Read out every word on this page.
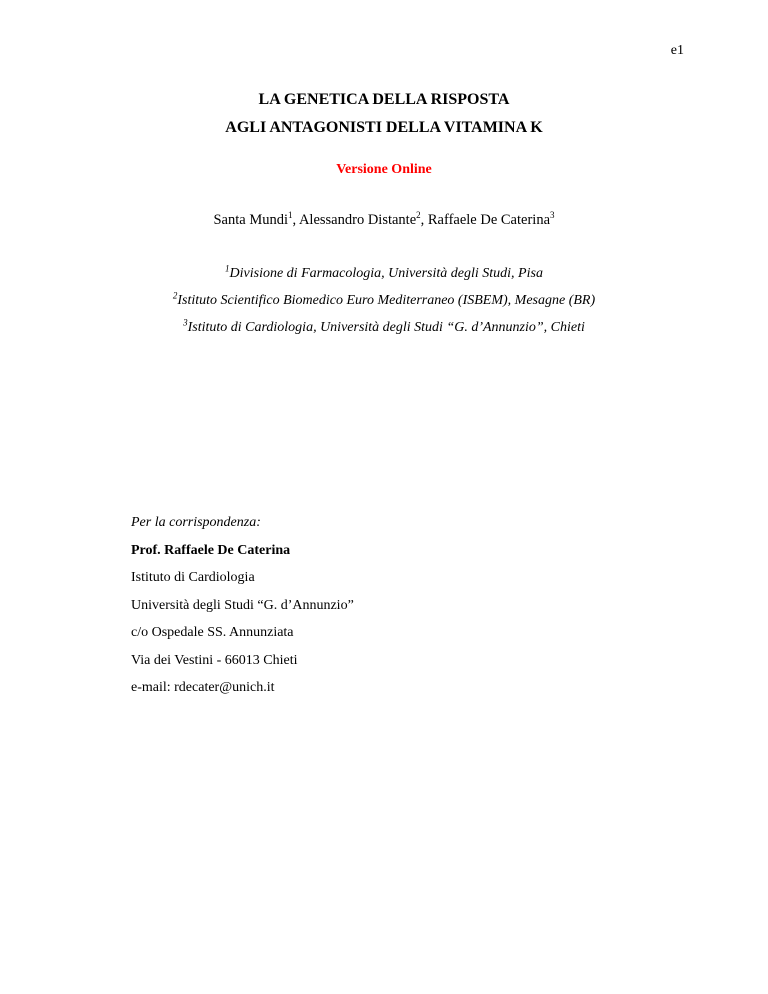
e1
LA GENETICA DELLA RISPOSTA
AGLI ANTAGONISTI DELLA VITAMINA K
Versione Online
Santa Mundi$^1$, Alessandro Distante$^2$, Raffaele De Caterina$^3$
$^1$Divisione di Farmacologia, Università degli Studi, Pisa
$^2$Istituto Scientifico Biomedico Euro Mediterraneo (ISBEM), Mesagne (BR)
$^3$Istituto di Cardiologia, Università degli Studi “G. d’Annunzio”, Chieti
Per la corrispondenza:
Prof. Raffaele De Caterina
Istituto di Cardiologia
Università degli Studi “G. d’Annunzio”
c/o Ospedale SS. Annunziata
Via dei Vestini - 66013 Chieti
e-mail: rdecater@unich.it
